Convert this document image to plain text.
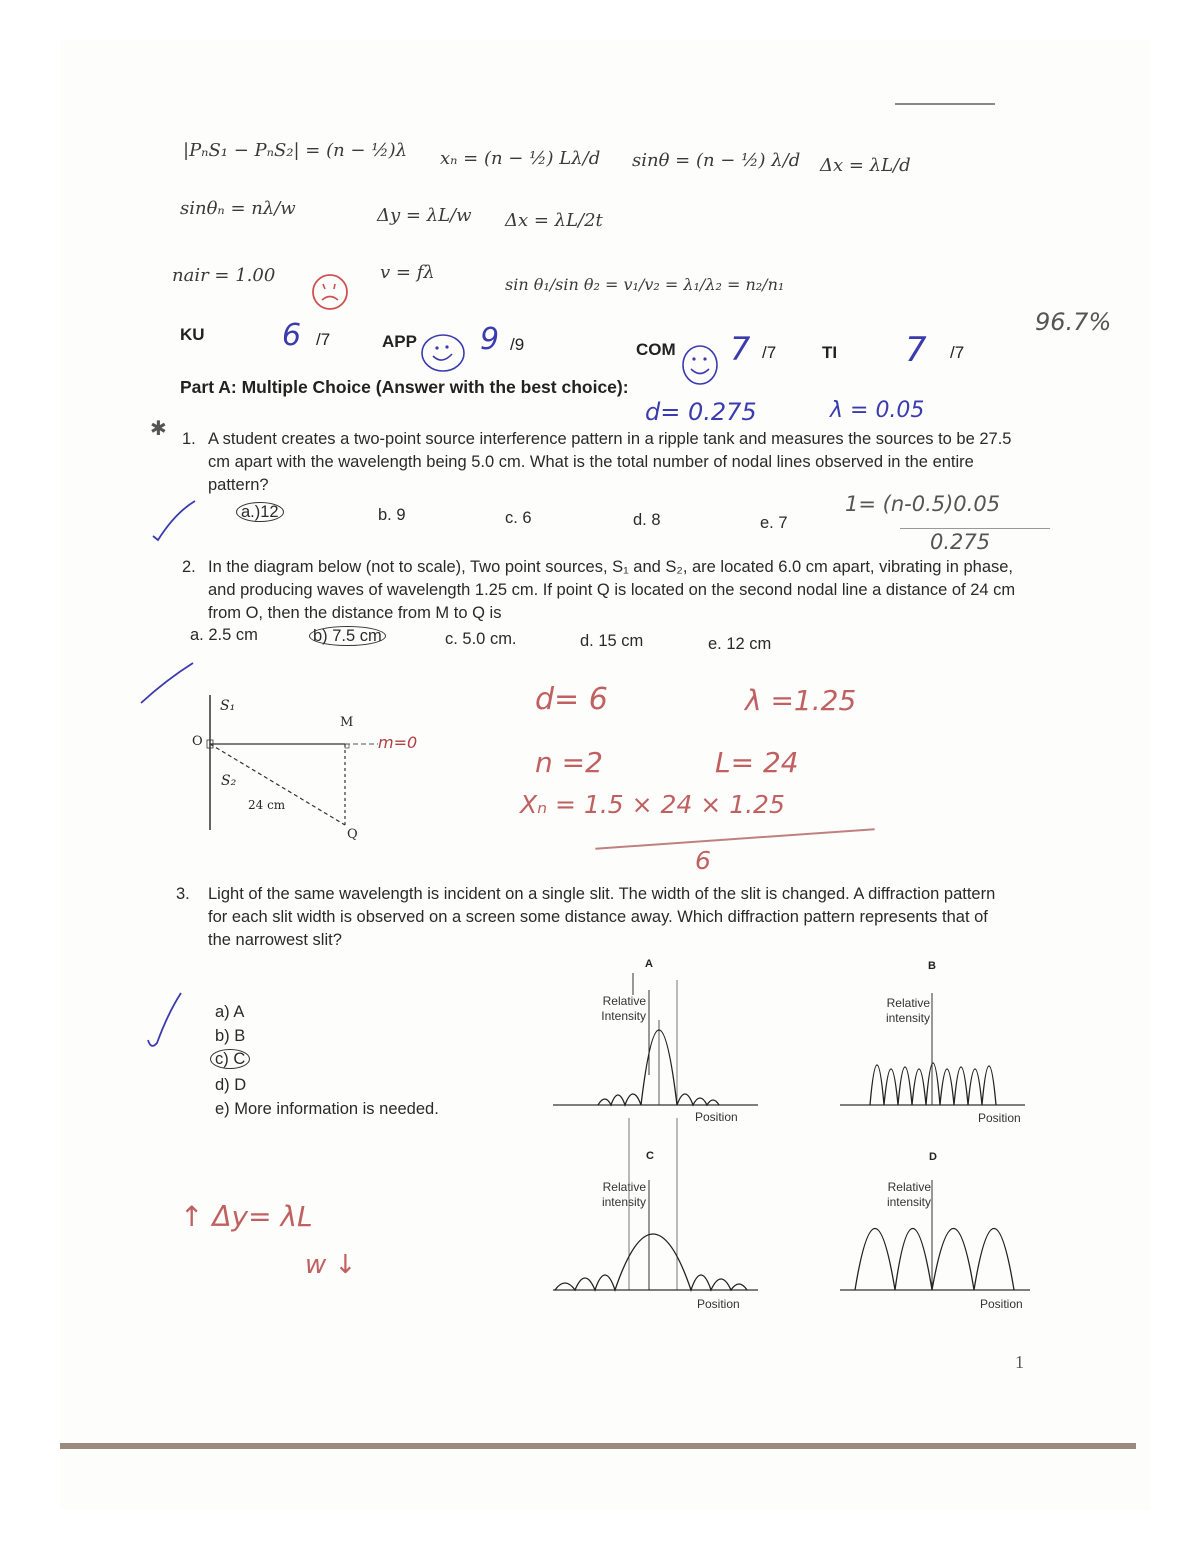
|PₙS₁ − PₙS₂| = (n − ½)λ xₙ = (n − ½) Lλ/d sinθ = (n − ½) λ/d Δx = λL/d
sinθₙ = nλ/w	Δy = λL/w Δx = λL/2t
nair = 1.00	v = fλ
sin θ₁/sin θ₂ = v₁/v₂ = λ₁/λ₂ = n₂/n₁
KU	6 /7	APP 9 /9	COM 7 /7	TI 7 /7
96.7%
Part A: Multiple Choice (Answer with the best choice):
d= 0.275	λ = 0.05
✱ 1. A student creates a two-point source interference pattern in a ripple tank and measures the sources to be 27.5 cm apart with the wavelength being 5.0 cm. What is the total number of nodal lines observed in the entire pattern?
a.)12	b. 9	c. 6	d. 8	e. 7
1= (n-0.5)0.05
0.275
2. In the diagram below (not to scale), Two point sources, S₁ and S₂, are located 6.0 cm apart, vibrating in phase, and producing waves of wavelength 1.25 cm. If point Q is located on the second nodal line a distance of 24 cm from O, then the distance from M to Q is
a. 2.5 cm	b) 7.5 cm	c. 5.0 cm.	d. 15 cm	e. 12 cm
S₁
S₂
O
M
Q
24 cm
m=0
d= 6	λ =1.25
n =2	L= 24
Xₙ = 1.5 × 24 × 1.25
6
3. Light of the same wavelength is incident on a single slit. The width of the slit is changed. A diffraction pattern for each slit width is observed on a screen some distance away. Which diffraction pattern represents that of the narrowest slit?
a) A
b) B
c) C
d) D
e) More information is needed.
↑ Δy= λL
w ↓
A
Relative Intensity
Position
B
Relative intensity
Position
C
Relative intensity
Position
D
Relative intensity
Position
1
